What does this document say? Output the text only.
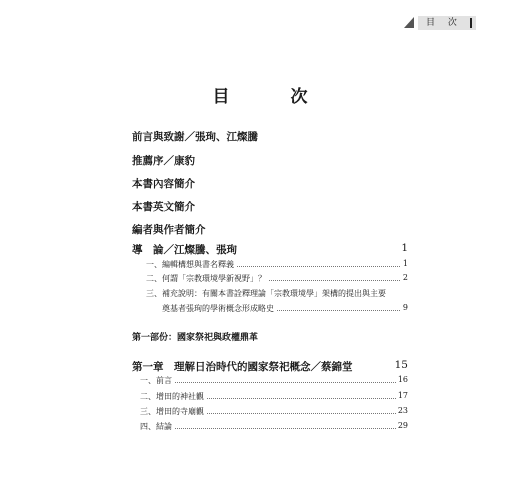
目 次
目　次
前言與致謝／張珣、江燦騰
推薦序／康豹
本書內容簡介
本書英文簡介
編者與作者簡介
導　論／江燦騰、張珣	1
一、編輯構想與書名釋義	1
二、何謂「宗教環境學新視野」？	2
三、補充說明：有關本書詮釋理論「宗教環境學」架構的提出與主要
奠基者張珣的學術概念形成略史	9
第一部份：國家祭祀與政權鼎革
第一章　理解日治時代的國家祭祀概念／蔡錦堂	15
一、前言	16
二、增田的神社觀	17
三、增田的寺廟觀	23
四、結論	29
